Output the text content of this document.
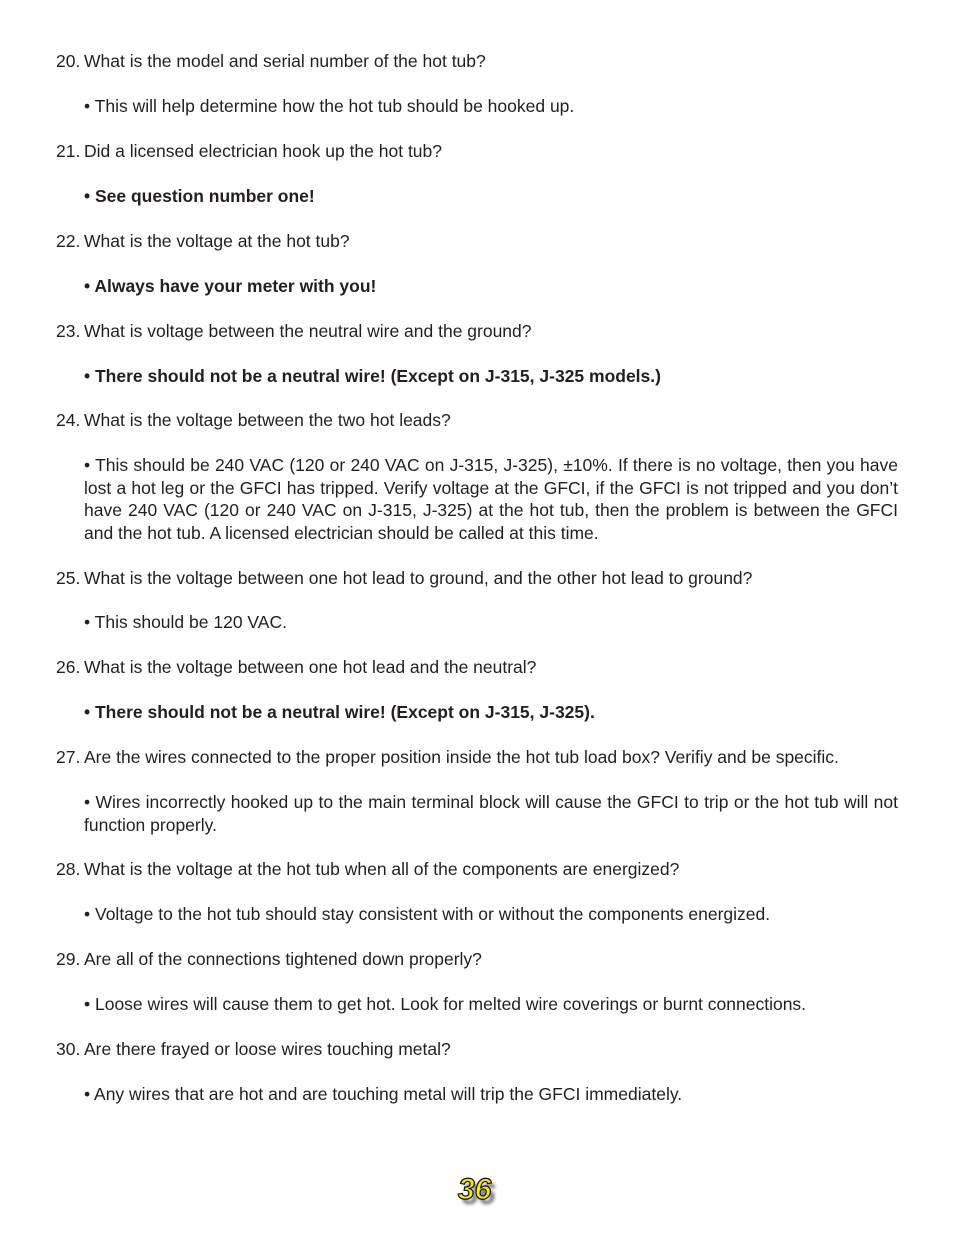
20. What is the model and serial number of the hot tub?
• This will help determine how the hot tub should be hooked up.
21. Did a licensed electrician hook up the hot tub?
• See question number one!
22. What is the voltage at the hot tub?
• Always have your meter with you!
23. What is voltage between the neutral wire and the ground?
• There should not be a neutral wire! (Except on J-315, J-325 models.)
24. What is the voltage between the two hot leads?
• This should be 240 VAC (120 or 240 VAC on J-315, J-325), ±10%. If there is no voltage, then you have lost a hot leg or the GFCI has tripped. Verify voltage at the GFCI, if the GFCI is not tripped and you don’t have 240 VAC (120 or 240 VAC on J-315, J-325) at the hot tub, then the problem is between the GFCI and the hot tub. A licensed electrician should be called at this time.
25. What is the voltage between one hot lead to ground, and the other hot lead to ground?
• This should be 120 VAC.
26. What is the voltage between one hot lead and the neutral?
• There should not be a neutral wire! (Except on J-315, J-325).
27. Are the wires connected to the proper position inside the hot tub load box? Verifiy and be specific.
• Wires incorrectly hooked up to the main terminal block will cause the GFCI to trip or the hot tub will not function properly.
28. What is the voltage at the hot tub when all of the components are energized?
• Voltage to the hot tub should stay consistent with or without the components energized.
29. Are all of the connections tightened down properly?
• Loose wires will cause them to get hot. Look for melted wire coverings or burnt connections.
30. Are there frayed or loose wires touching metal?
• Any wires that are hot and are touching metal will trip the GFCI immediately.
36
